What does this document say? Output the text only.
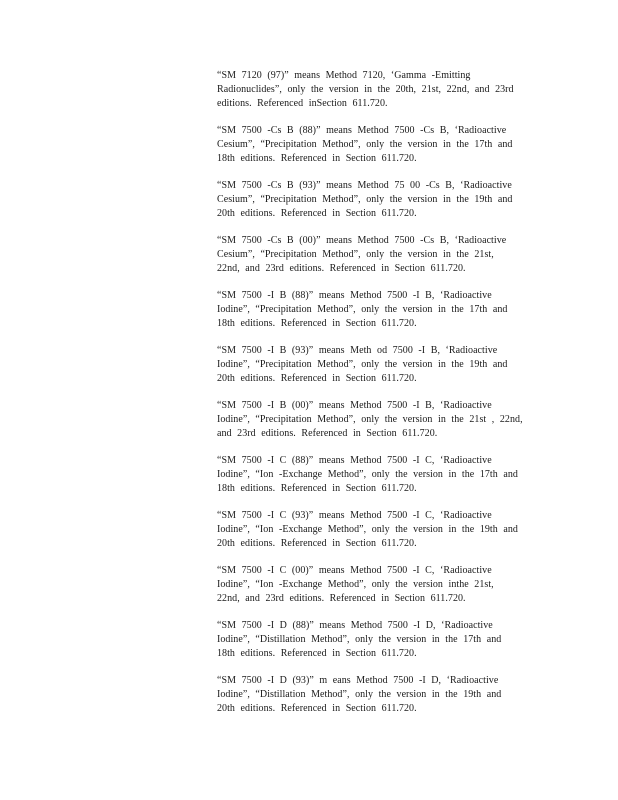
“SM 7120 (97)” means Method 7120, ‘Gamma -Emitting
Radionuclides”, only the version in the 20th, 21st, 22nd, and 23rd
editions. Referenced inSection 611.720.

“SM 7500 -Cs B (88)” means Method 7500 -Cs B, ‘Radioactive
Cesium”, “Precipitation Method”, only the version in the 17th and
18th editions. Referenced in Section 611.720.

“SM 7500 -Cs B (93)” means Method 75 00 -Cs B, ‘Radioactive
Cesium”, “Precipitation Method”, only the version in the 19th and
20th editions. Referenced in Section 611.720.

“SM 7500 -Cs B (00)” means Method 7500 -Cs B, ‘Radioactive
Cesium”, “Precipitation Method”, only the version in the 21st,
22nd, and 23rd editions. Referenced in Section 611.720.

“SM 7500 -I B (88)” means Method 7500 -I B, ‘Radioactive
Iodine”, “Precipitation Method”, only the version in the 17th and
18th editions. Referenced in Section 611.720.

“SM 7500 -I B (93)” means Meth od 7500 -I B, ‘Radioactive
Iodine”, “Precipitation Method”, only the version in the 19th and
20th editions. Referenced in Section 611.720.

“SM 7500 -I B (00)” means Method 7500 -I B, ‘Radioactive
Iodine”, “Precipitation Method”, only the version in the 21st , 22nd,
and 23rd editions. Referenced in Section 611.720.

“SM 7500 -I C (88)” means Method 7500 -I C, ‘Radioactive
Iodine”, “Ion -Exchange Method”, only the version in the 17th and
18th editions. Referenced in Section 611.720.

“SM 7500 -I C (93)” means Method 7500 -I C, ‘Radioactive
Iodine”, “Ion -Exchange Method”, only the version in the 19th and
20th editions. Referenced in Section 611.720.

“SM 7500 -I C (00)” means Method 7500 -I C, ‘Radioactive
Iodine”, “Ion -Exchange Method”, only the version inthe 21st,
22nd, and 23rd editions. Referenced in Section 611.720.

“SM 7500 -I D (88)” means Method 7500 -I D, ‘Radioactive
Iodine”, “Distillation Method”, only the version in the 17th and
18th editions. Referenced in Section 611.720.

“SM 7500 -I D (93)” m eans Method 7500 -I D, ‘Radioactive
Iodine”, “Distillation Method”, only the version in the 19th and
20th editions. Referenced in Section 611.720.
